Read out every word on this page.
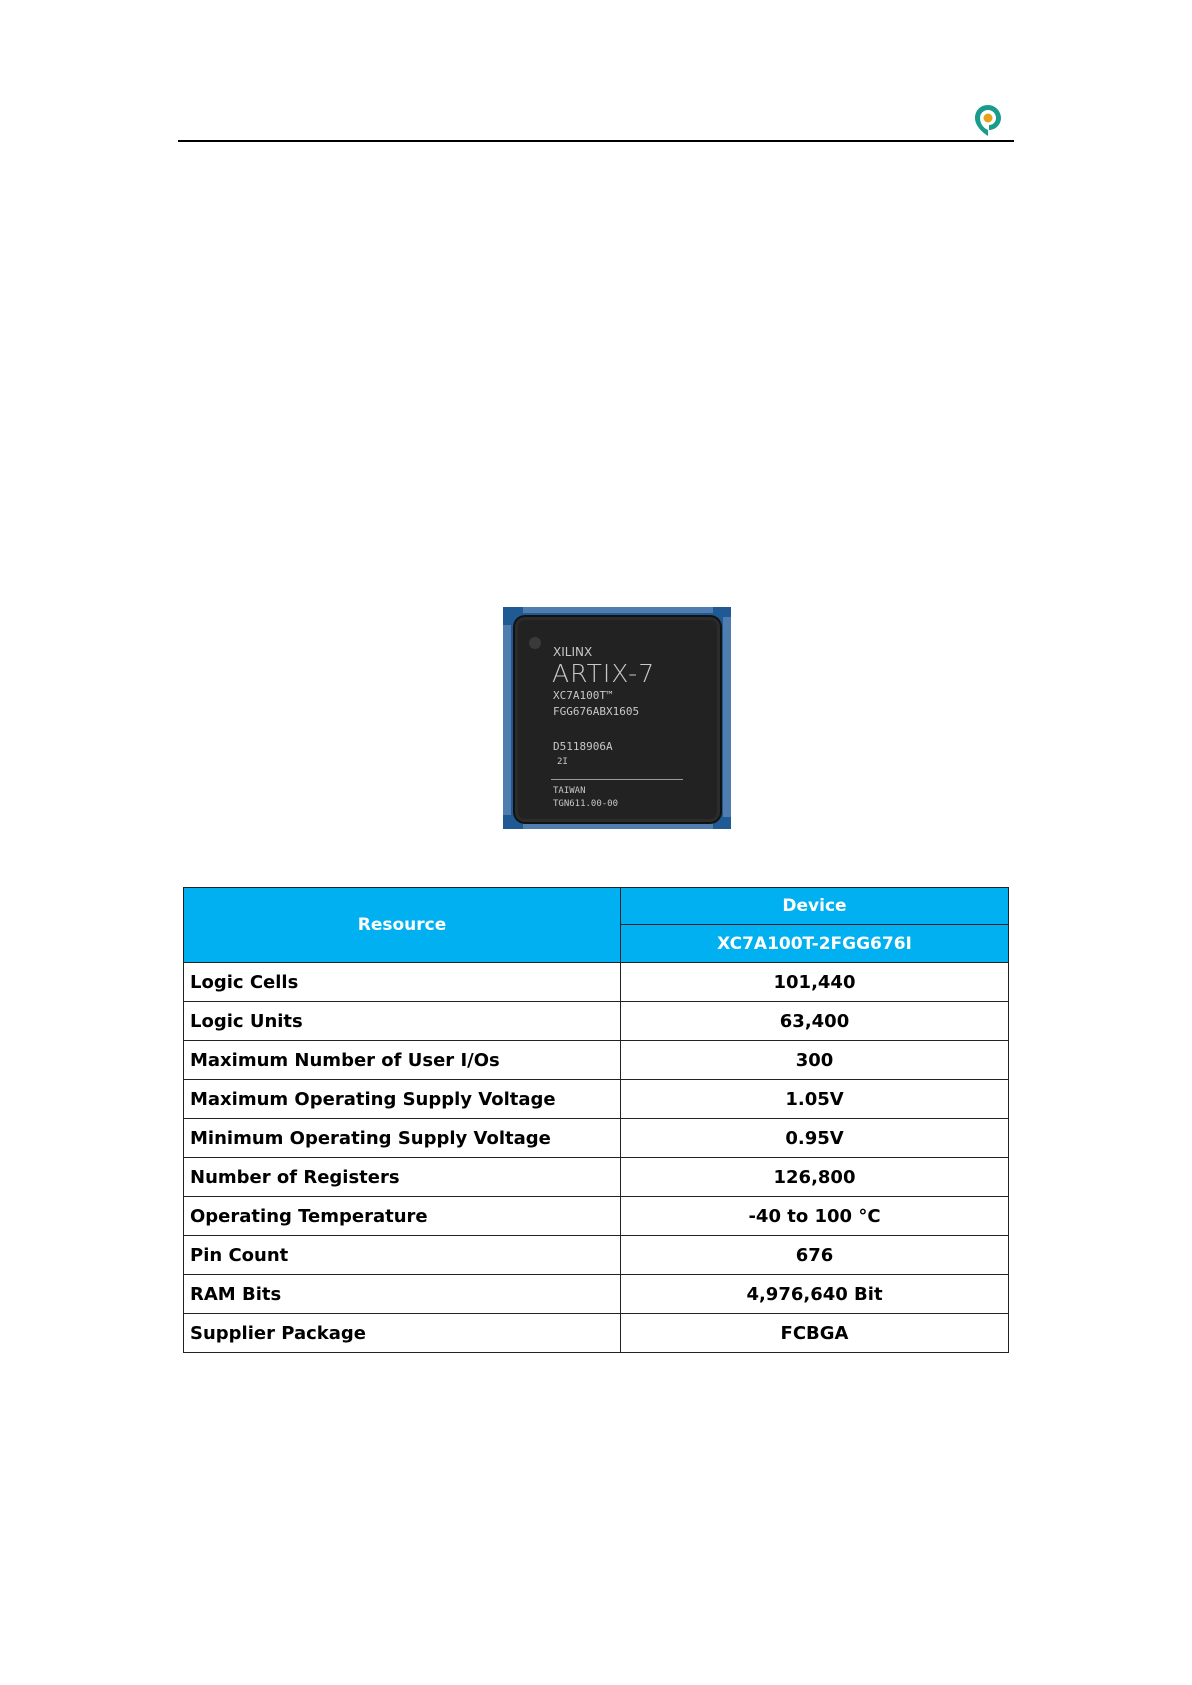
XILINX
ARTIX-7
XC7A100T™
FGG676ABX1605
D5118906A
2I
TAIWAN
TGN611.00-00
Resource	Device
	XC7A100T-2FGG676I
Logic Cells	101,440
Logic Units	63,400
Maximum Number of User I/Os	300
Maximum Operating Supply Voltage	1.05V
Minimum Operating Supply Voltage	0.95V
Number of Registers	126,800
Operating Temperature	-40 to 100 °C
Pin Count	676
RAM Bits	4,976,640 Bit
Supplier Package	FCBGA
